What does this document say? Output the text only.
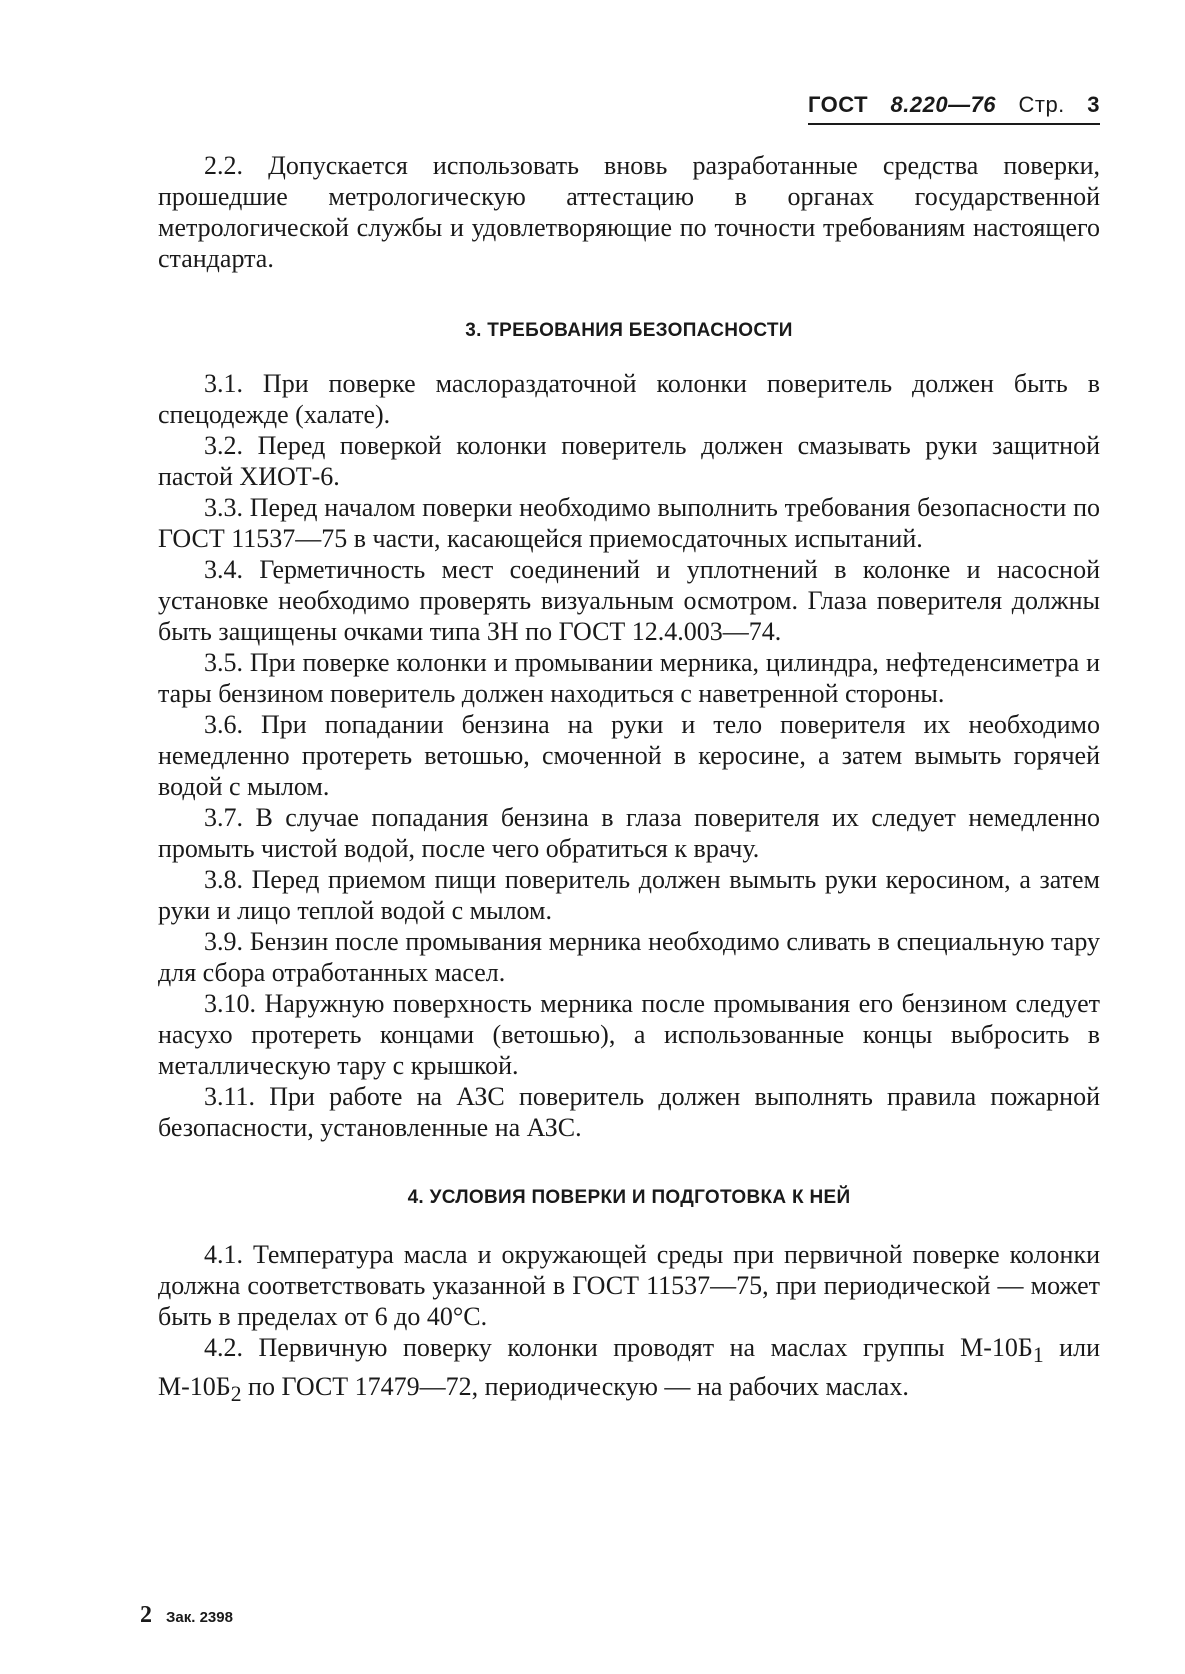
ГОСТ 8.220—76 Стр. 3

2.2. Допускается использовать вновь разработанные средства поверки, прошедшие метрологическую аттестацию в органах государственной метрологической службы и удовлетворяющие по точности требованиям настоящего стандарта.

3. ТРЕБОВАНИЯ БЕЗОПАСНОСТИ

3.1. При поверке маслораздаточной колонки поверитель должен быть в спецодежде (халате).

3.2. Перед поверкой колонки поверитель должен смазывать руки защитной пастой ХИОТ-6.

3.3. Перед началом поверки необходимо выполнить требования безопасности по ГОСТ 11537—75 в части, касающейся приемосдаточных испытаний.

3.4. Герметичность мест соединений и уплотнений в колонке и насосной установке необходимо проверять визуальным осмотром. Глаза поверителя должны быть защищены очками типа ЗН по ГОСТ 12.4.003—74.

3.5. При поверке колонки и промывании мерника, цилиндра, нефтеденсиметра и тары бензином поверитель должен находиться с наветренной стороны.

3.6. При попадании бензина на руки и тело поверителя их необходимо немедленно протереть ветошью, смоченной в керосине, а затем вымыть горячей водой с мылом.

3.7. В случае попадания бензина в глаза поверителя их следует немедленно промыть чистой водой, после чего обратиться к врачу.

3.8. Перед приемом пищи поверитель должен вымыть руки керосином, а затем руки и лицо теплой водой с мылом.

3.9. Бензин после промывания мерника необходимо сливать в специальную тару для сбора отработанных масел.

3.10. Наружную поверхность мерника после промывания его бензином следует насухо протереть концами (ветошью), а использованные концы выбросить в металлическую тару с крышкой.

3.11. При работе на АЗС поверитель должен выполнять правила пожарной безопасности, установленные на АЗС.

4. УСЛОВИЯ ПОВЕРКИ И ПОДГОТОВКА К НЕЙ

4.1. Температура масла и окружающей среды при первичной поверке колонки должна соответствовать указанной в ГОСТ 11537—75, при периодической — может быть в пределах от 6 до 40°С.

4.2. Первичную поверку колонки проводят на маслах группы $М-10Б_1$ или $М-10Б_2$ по ГОСТ 17479—72, периодическую — на рабочих маслах.

2 Зак. 2398
